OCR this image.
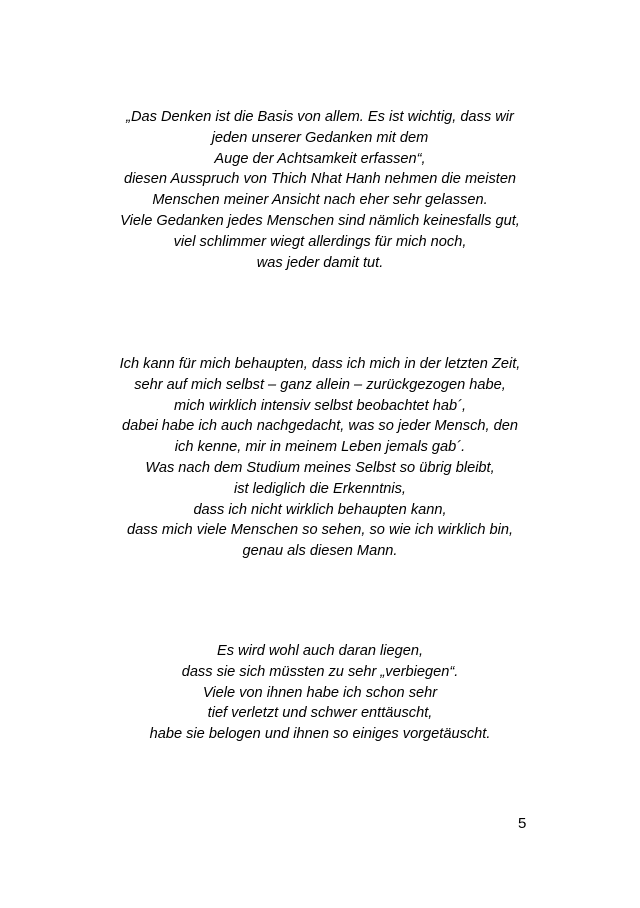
„Das Denken ist die Basis von allem. Es ist wichtig, dass wir
jeden unserer Gedanken mit dem
Auge der Achtsamkeit erfassen“,
diesen Ausspruch von Thich Nhat Hanh nehmen die meisten
Menschen meiner Ansicht nach eher sehr gelassen.
Viele Gedanken jedes Menschen sind nämlich keinesfalls gut,
viel schlimmer wiegt allerdings für mich noch,
was jeder damit tut.
Ich kann für mich behaupten, dass ich mich in der letzten Zeit,
sehr auf mich selbst – ganz allein – zurückgezogen habe,
mich wirklich intensiv selbst beobachtet hab´,
dabei habe ich auch nachgedacht, was so jeder Mensch, den
ich kenne, mir in meinem Leben jemals gab´.
Was nach dem Studium meines Selbst so übrig bleibt,
ist lediglich die Erkenntnis,
dass ich nicht wirklich behaupten kann,
dass mich viele Menschen so sehen, so wie ich wirklich bin,
genau als diesen Mann.
Es wird wohl auch daran liegen,
dass sie sich müssten zu sehr „verbiegen“.
Viele von ihnen habe ich schon sehr
tief verletzt und schwer enttäuscht,
habe sie belogen und ihnen so einiges vorgetäuscht.
5
